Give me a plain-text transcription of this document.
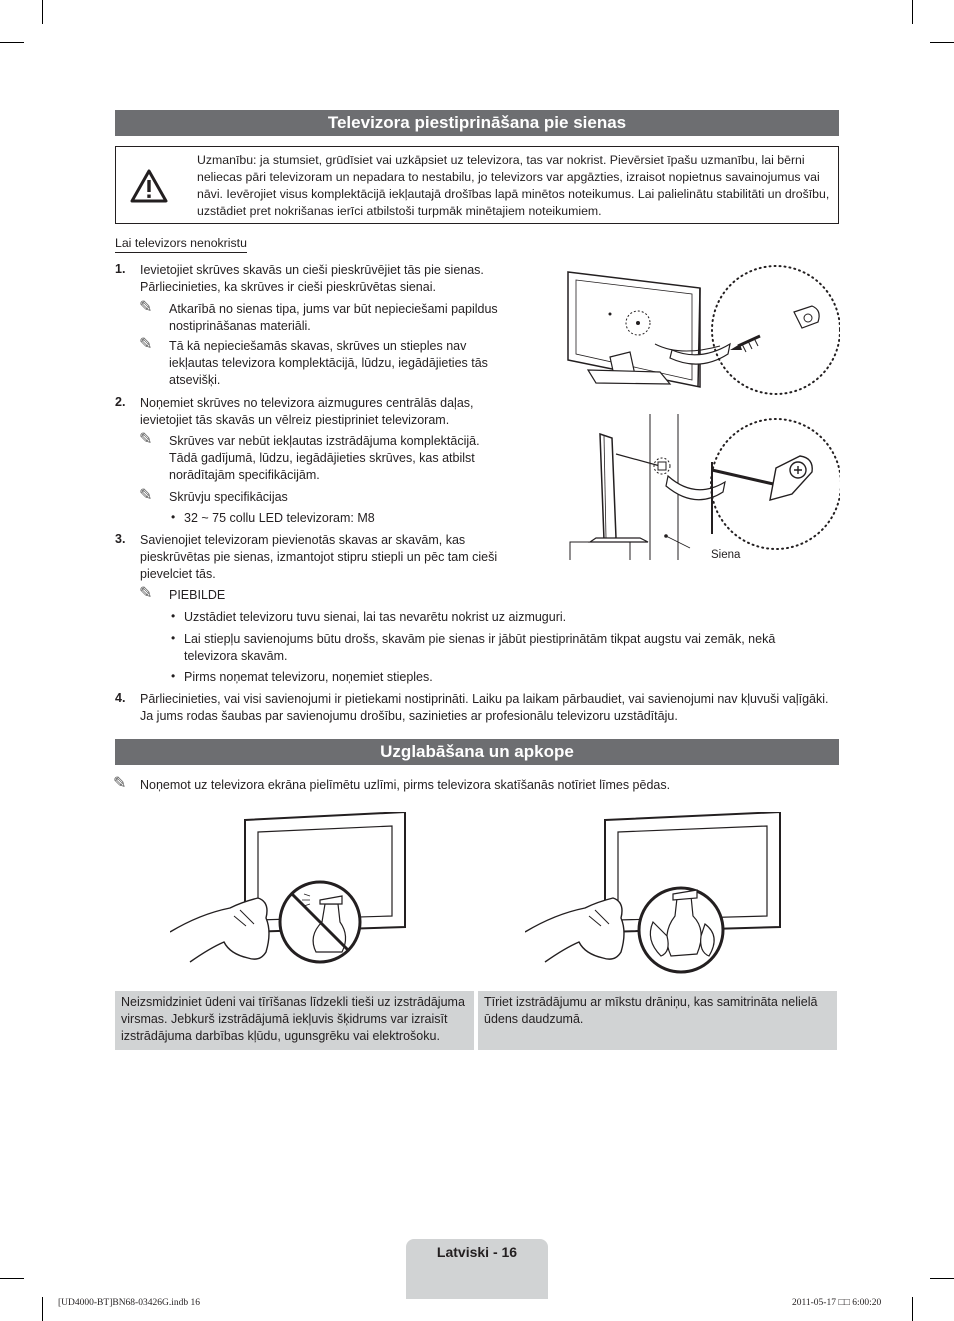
Televizora piestiprināšana pie sienas
Uzmanību: ja stumsiet, grūdīsiet vai uzkāpsiet uz televizora, tas var nokrist. Pievērsiet īpašu uzmanību, lai bērni neliecas pāri televizoram un nepadara to nestabilu, jo televizors var apgāzties, izraisot nopietnus savainojumus vai nāvi. Ievērojiet visus komplektācijā iekļautajā drošības lapā minētos noteikumus. Lai palielinātu stabilitāti un drošību, uzstādiet pret nokrišanas ierīci atbilstoši turpmāk minētajiem noteikumiem.
Lai televizors nenokristu
1. Ievietojiet skrūves skavās un cieši pieskrūvējiet tās pie sienas. Pārliecinieties, ka skrūves ir cieši pieskrūvētas sienai.
✎ Atkarībā no sienas tipa, jums var būt nepieciešami papildus nostiprināšanas materiāli.
✎ Tā kā nepieciešamās skavas, skrūves un stieples nav iekļautas televizora komplektācijā, lūdzu, iegādājieties tās atsevišķi.
2. Noņemiet skrūves no televizora aizmugures centrālās daļas, ievietojiet tās skavās un vēlreiz piestipriniet televizoram.
✎ Skrūves var nebūt iekļautas izstrādājuma komplektācijā. Tādā gadījumā, lūdzu, iegādājieties skrūves, kas atbilst norādītajām specifikācijām.
✎ Skrūvju specifikācijas
• 32 ~ 75 collu LED televizoram: M8
3. Savienojiet televizoram pievienotās skavas ar skavām, kas pieskrūvētas pie sienas, izmantojot stipru stiepli un pēc tam cieši pievelciet tās.
✎ PIEBILDE
• Uzstādiet televizoru tuvu sienai, lai tas nevarētu nokrist uz aizmuguri.
• Lai stiepļu savienojums būtu drošs, skavām pie sienas ir jābūt piestiprinātām tikpat augstu vai zemāk, nekā televizora skavām.
• Pirms noņemat televizoru, noņemiet stieples.
4. Pārliecinieties, vai visi savienojumi ir pietiekami nostiprināti. Laiku pa laikam pārbaudiet, vai savienojumi nav kļuvuši vaļīgāki. Ja jums rodas šaubas par savienojumu drošību, sazinieties ar profesionālu televizoru uzstādītāju.
Siena
Uzglabāšana un apkope
✎ Noņemot uz televizora ekrāna pielīmētu uzlīmi, pirms televizora skatīšanās notīriet līmes pēdas.
Neizsmidziniet ūdeni vai tīrīšanas līdzekli tieši uz izstrādājuma virsmas. Jebkurš izstrādājumā iekļuvis šķidrums var izraisīt izstrādājuma darbības kļūdu, ugunsgrēku vai elektrošoku.
Tīriet izstrādājumu ar mīkstu drāniņu, kas samitrināta nelielā ūdens daudzumā.
Latviski - 16
[UD4000-BT]BN68-03426G.indb 16	2011-05-17 □□ 6:00:20
